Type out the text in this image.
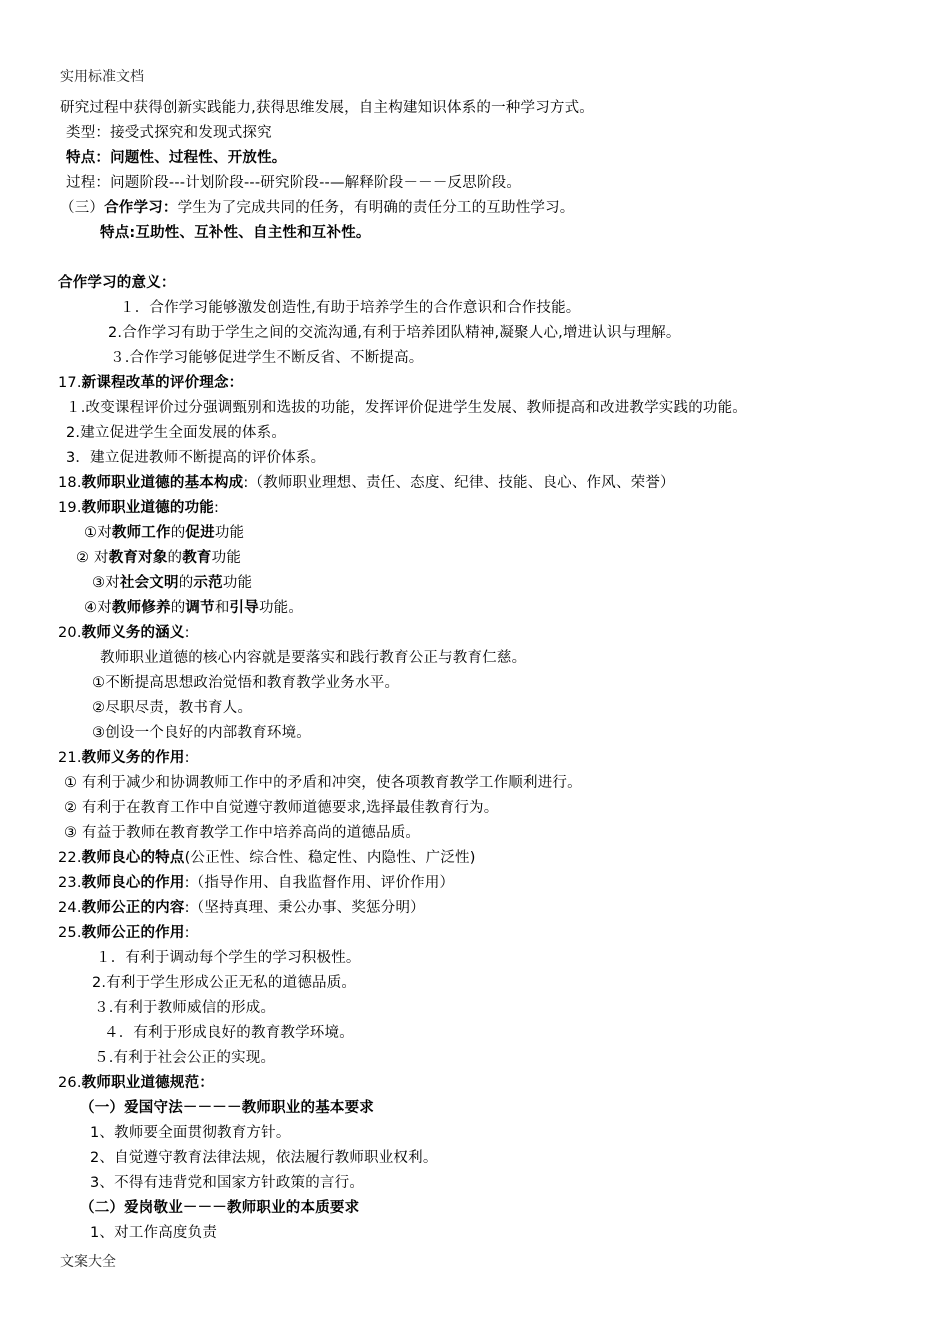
实用标准文档
研究过程中获得创新实践能力,获得思维发展，自主构建知识体系的一种学习方式。
类型：接受式探究和发现式探究
特点：问题性、过程性、开放性。
过程：问题阶段---计划阶段---研究阶段--—解释阶段－－－反思阶段。
（三）合作学习：学生为了完成共同的任务，有明确的责任分工的互助性学习。
特点:互助性、互补性、自主性和互补性。
合作学习的意义：
１．合作学习能够激发创造性,有助于培养学生的合作意识和合作技能。
2.合作学习有助于学生之间的交流沟通,有利于培养团队精神,凝聚人心,增进认识与理解。
３.合作学习能够促进学生不断反省、不断提高。
17.新课程改革的评价理念：
１.改变课程评价过分强调甄别和选拔的功能，发挥评价促进学生发展、教师提高和改进教学实践的功能。
2.建立促进学生全面发展的体系。
3．建立促进教师不断提高的评价体系。
18.教师职业道德的基本构成:（教师职业理想、责任、态度、纪律、技能、良心、作风、荣誉）
19.教师职业道德的功能:
①对教师工作的促进功能
② 对教育对象的教育功能
③对社会文明的示范功能
④对教师修养的调节和引导功能。
20.教师义务的涵义:
教师职业道德的核心内容就是要落实和践行教育公正与教育仁慈。
①不断提高思想政治觉悟和教育教学业务水平。
②尽职尽责，教书育人。
③创设一个良好的内部教育环境。
21.教师义务的作用:
① 有利于减少和协调教师工作中的矛盾和冲突，使各项教育教学工作顺利进行。
② 有利于在教育工作中自觉遵守教师道德要求,选择最佳教育行为。
③ 有益于教师在教育教学工作中培养高尚的道德品质。
22.教师良心的特点(公正性、综合性、稳定性、内隐性、广泛性)
23.教师良心的作用:（指导作用、自我监督作用、评价作用）
24.教师公正的内容:（坚持真理、秉公办事、奖惩分明）
25.教师公正的作用:
１．有利于调动每个学生的学习积极性。
2.有利于学生形成公正无私的道德品质。
３.有利于教师威信的形成。
４．有利于形成良好的教育教学环境。
５.有利于社会公正的实现。
26.教师职业道德规范：
（一）爱国守法－－－－教师职业的基本要求
1、教师要全面贯彻教育方针。
2、自觉遵守教育法律法规，依法履行教师职业权利。
3、不得有违背党和国家方针政策的言行。
（二）爱岗敬业－－－教师职业的本质要求
1、对工作高度负责
文案大全
